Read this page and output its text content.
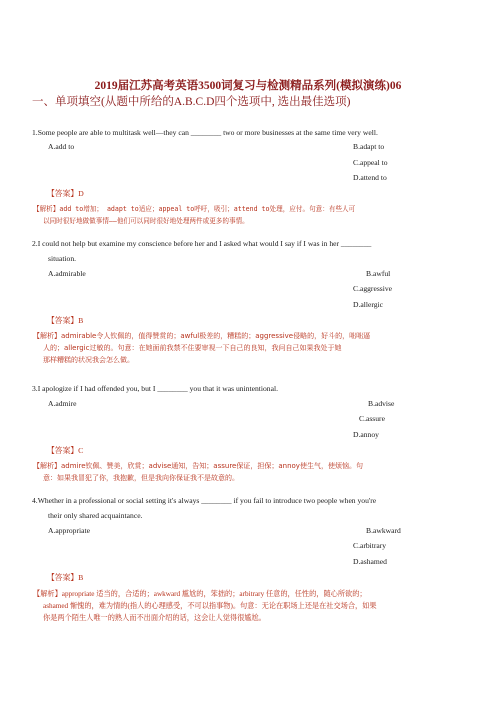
2019届江苏高考英语3500词复习与检测精品系列(模拟演练)06
一、单项填空(从题中所给的A.B.C.D四个选项中, 选出最佳选项)
1.Some people are able to multitask well—they can ________ two or more businesses at the same time very well.
A.add to	B.adapt to
C.appeal to
D.attend to
【答案】D
【解析】add to增加； adapt to适应；appeal to呼吁，吸引；attend to处理，应付。句意：有些人可
以同时很好地做做事情——他们可以同时很好地处理两件或更多的事情。
2.I could not help but examine my conscience before her and I asked what would I say if I was in her ________
situation.
A.admirable	B.awful
C.aggressive
D.allergic
【答案】B
【解析】admirable令人钦佩的，值得赞赏的；awful极差的，糟糕的；aggressive侵略的，好斗的，咄咄逼
人的；allergic过敏的。句意：在她面前我禁不住要审视一下自己的良知，我问自己如果我处于她
那样糟糕的状况我会怎么做。
3.I apologize if I had offended you, but I ________ you that it was unintentional.
A.admire	B.advise
C.assure
D.annoy
【答案】C
【解析】admire钦佩、赞美，欣赏；advise通知，告知；assure保证，担保；annoy使生气，使烦恼。句
意：如果我冒犯了你，我抱歉，但是我向你保证我不是故意的。
4.Whether in a professional or social setting it's always ________ if you fail to introduce two people when you're
their only shared acquaintance.
A.appropriate	B.awkward
C.arbitrary
D.ashamed
【答案】B
【解析】appropriate 适当的，合适的；awkward 尴尬的，笨拙的；arbitrary 任意的，任性的，随心所欲的；
ashamed 惭愧的，难为情的(指人的心理感受，不可以指事物)。句意：无论在职场上还是在社交场合，如果
你是两个陌生人唯一的熟人而不出面介绍的话，这会让人觉得很尴尬。
